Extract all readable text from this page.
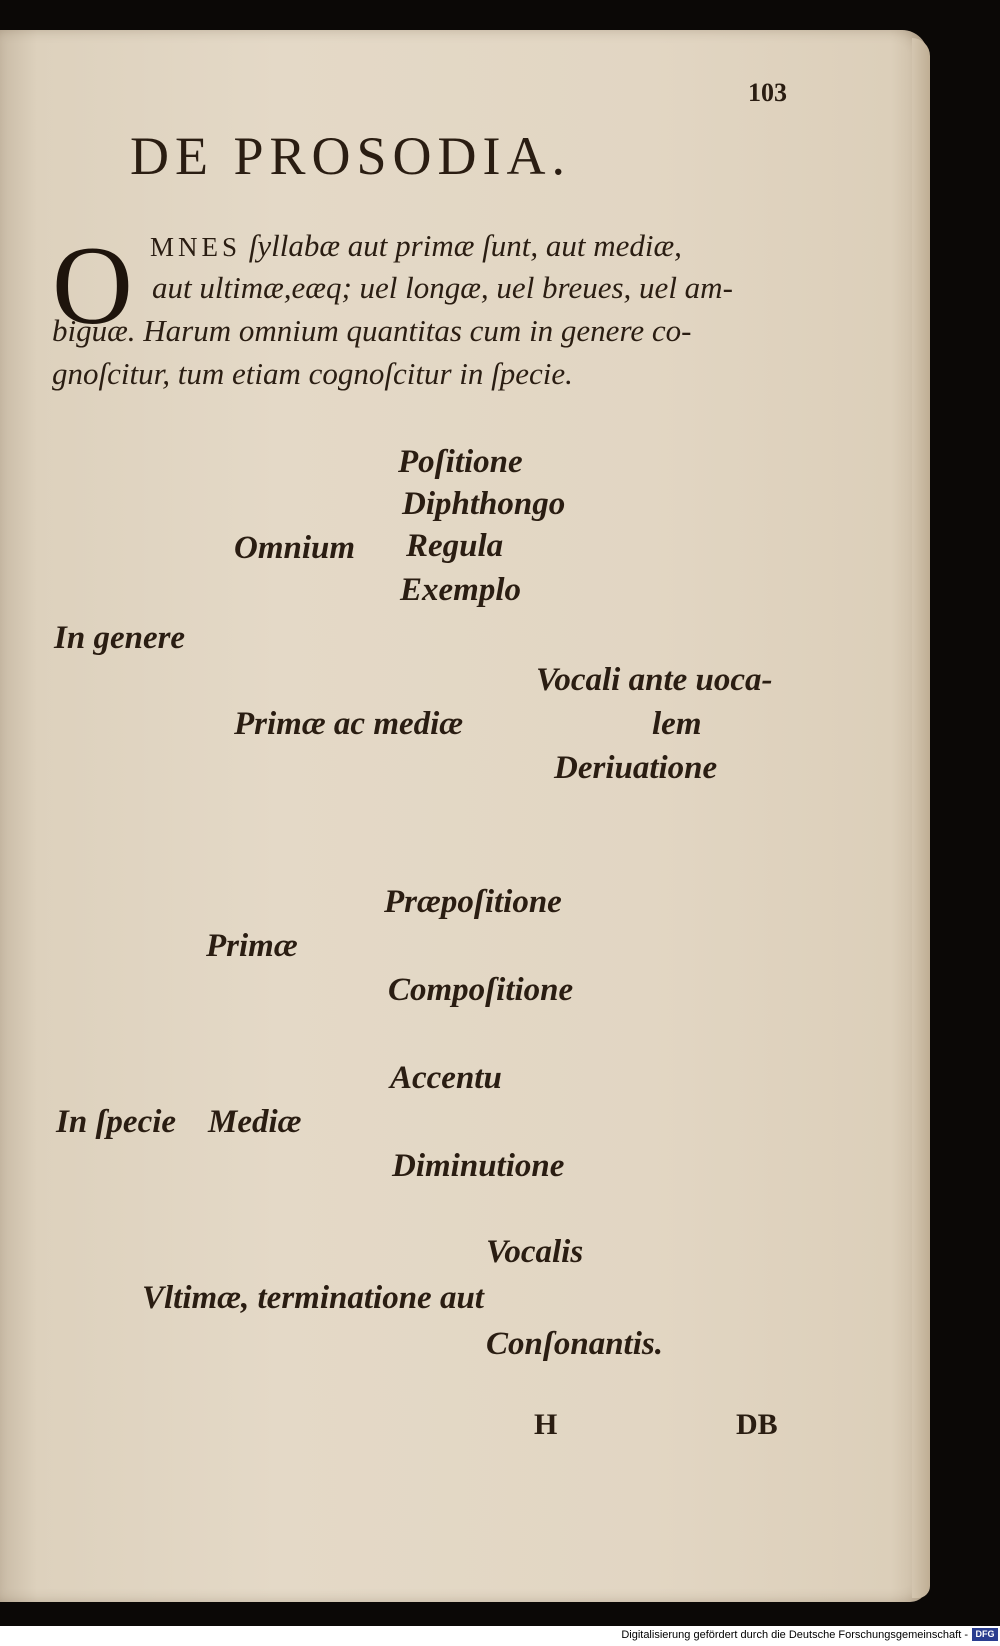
103
DE PROSODIA.
O MNES ſyllabæ aut primæ ſunt, aut mediæ,
aut ultimæ,eæq; uel longæ, uel breues, uel am-
biguæ. Harum omnium quantitas cum in genere co-
gnoſcitur, tum etiam cognoſcitur in ſpecie.
Poſitione
Diphthongo
Regula
Exemplo
Omnium
In genere
Vocali ante uoca-
lem
Deriuatione
Primæ ac mediæ
Præpoſitione
Primæ
Compoſitione
Accentu
In ſpecie Mediæ
Diminutione
Vocalis
Vltimæ, terminatione aut
Conſonantis.
H	DB
Digitalisierung gefördert durch die Deutsche Forschungsgemeinschaft - DFG
